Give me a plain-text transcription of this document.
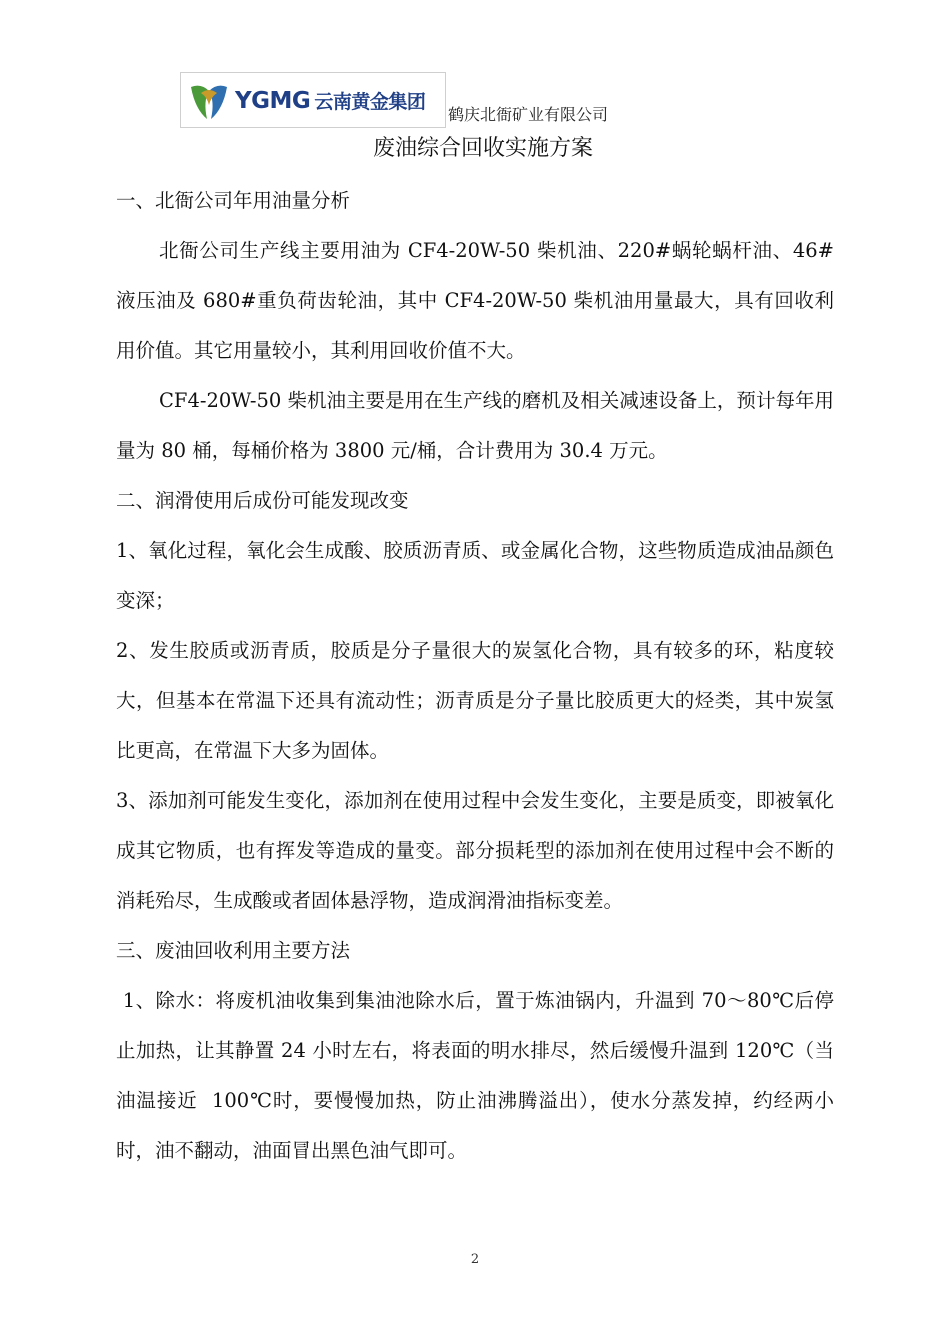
YGMG 云南黄金集团
鹤庆北衙矿业有限公司
废油综合回收实施方案

一、北衙公司年用油量分析

北衙公司生产线主要用油为 CF4-20W-50 柴机油、220#蜗轮蜗杆油、46#液压油及 680#重负荷齿轮油，其中 CF4-20W-50 柴机油用量最大，具有回收利用价值。其它用量较小，其利用回收价值不大。

CF4-20W-50 柴机油主要是用在生产线的磨机及相关减速设备上，预计每年用量为 80 桶，每桶价格为 3800 元/桶，合计费用为 30.4 万元。

二、润滑使用后成份可能发现改变

1、氧化过程，氧化会生成酸、胶质沥青质、或金属化合物，这些物质造成油品颜色变深；

2、发生胶质或沥青质，胶质是分子量很大的炭氢化合物，具有较多的环，粘度较大，但基本在常温下还具有流动性；沥青质是分子量比胶质更大的烃类，其中炭氢比更高，在常温下大多为固体。

3、添加剂可能发生变化，添加剂在使用过程中会发生变化，主要是质变，即被氧化成其它物质，也有挥发等造成的量变。部分损耗型的添加剂在使用过程中会不断的消耗殆尽，生成酸或者固体悬浮物，造成润滑油指标变差。

三、废油回收利用主要方法

1、除水：将废机油收集到集油池除水后，置于炼油锅内，升温到 70～80℃后停止加热，让其静置 24 小时左右，将表面的明水排尽，然后缓慢升温到 120℃（当油温接近  100℃时，要慢慢加热，防止油沸腾溢出），使水分蒸发掉，约经两小时，油不翻动，油面冒出黑色油气即可。

2
